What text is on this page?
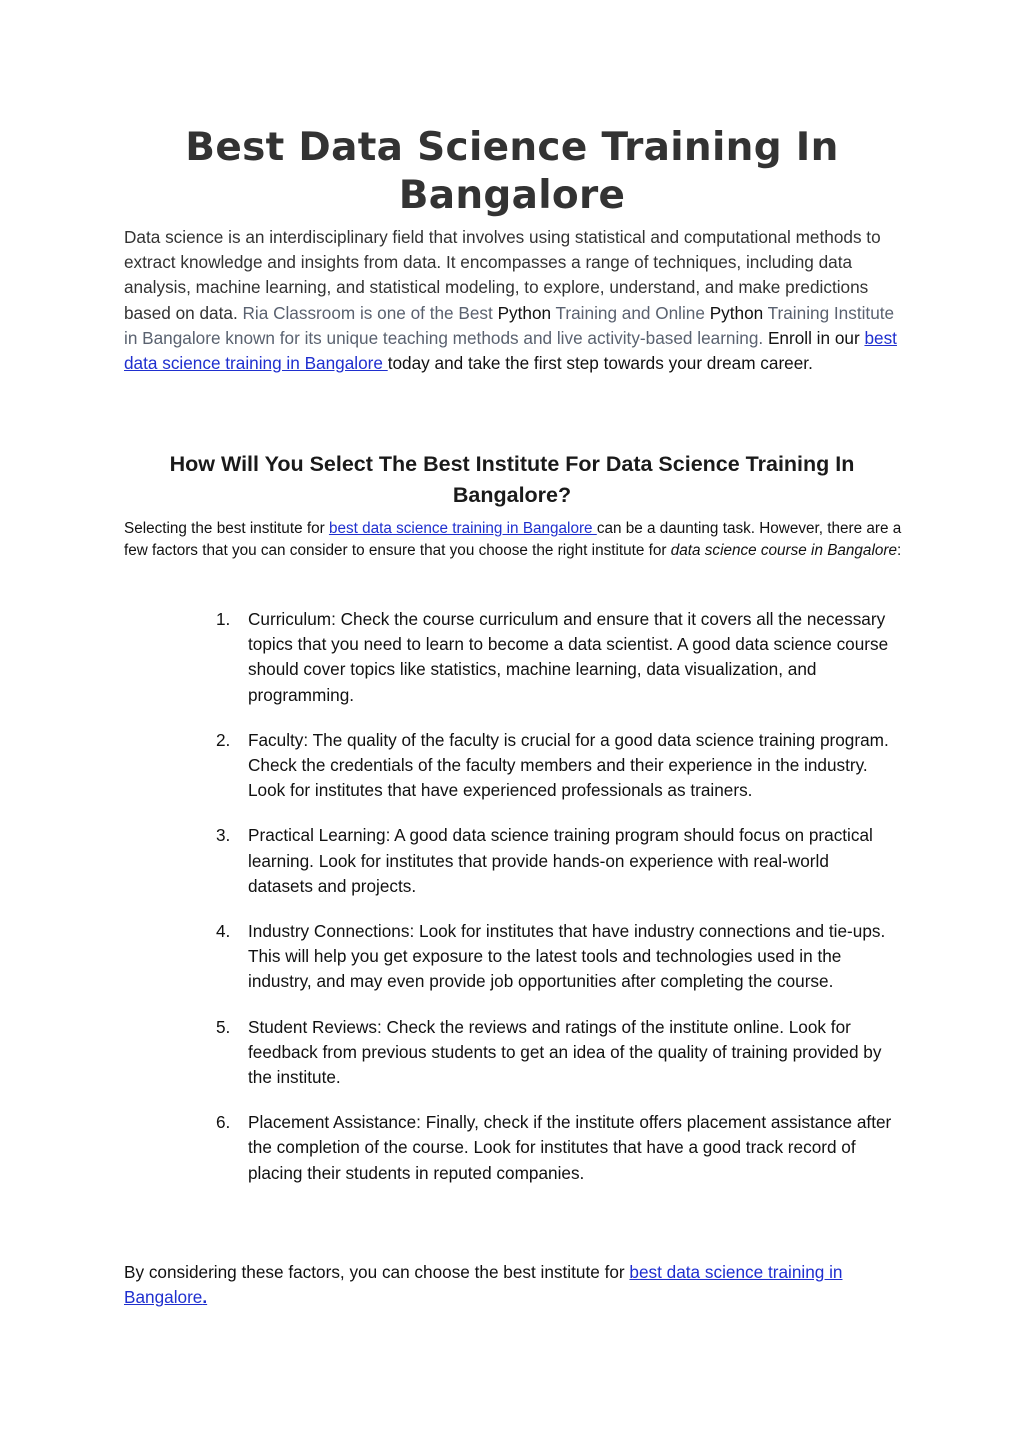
Best Data Science Training In Bangalore

Data science is an interdisciplinary field that involves using statistical and computational methods to extract knowledge and insights from data. It encompasses a range of techniques, including data analysis, machine learning, and statistical modeling, to explore, understand, and make predictions based on data. Ria Classroom is one of the Best Python Training and Online Python Training Institute in Bangalore known for its unique teaching methods and live activity-based learning. Enroll in our best data science training in Bangalore today and take the first step towards your dream career.

How Will You Select The Best Institute For Data Science Training In Bangalore?

Selecting the best institute for best data science training in Bangalore can be a daunting task. However, there are a few factors that you can consider to ensure that you choose the right institute for data science course in Bangalore:

1.	Curriculum: Check the course curriculum and ensure that it covers all the necessary topics that you need to learn to become a data scientist. A good data science course should cover topics like statistics, machine learning, data visualization, and programming.
2.	Faculty: The quality of the faculty is crucial for a good data science training program. Check the credentials of the faculty members and their experience in the industry. Look for institutes that have experienced professionals as trainers.
3.	Practical Learning: A good data science training program should focus on practical learning. Look for institutes that provide hands-on experience with real-world datasets and projects.
4.	Industry Connections: Look for institutes that have industry connections and tie-ups. This will help you get exposure to the latest tools and technologies used in the industry, and may even provide job opportunities after completing the course.
5.	Student Reviews: Check the reviews and ratings of the institute online. Look for feedback from previous students to get an idea of the quality of training provided by the institute.
6.	Placement Assistance: Finally, check if the institute offers placement assistance after the completion of the course. Look for institutes that have a good track record of placing their students in reputed companies.

By considering these factors, you can choose the best institute for best data science training in Bangalore.
